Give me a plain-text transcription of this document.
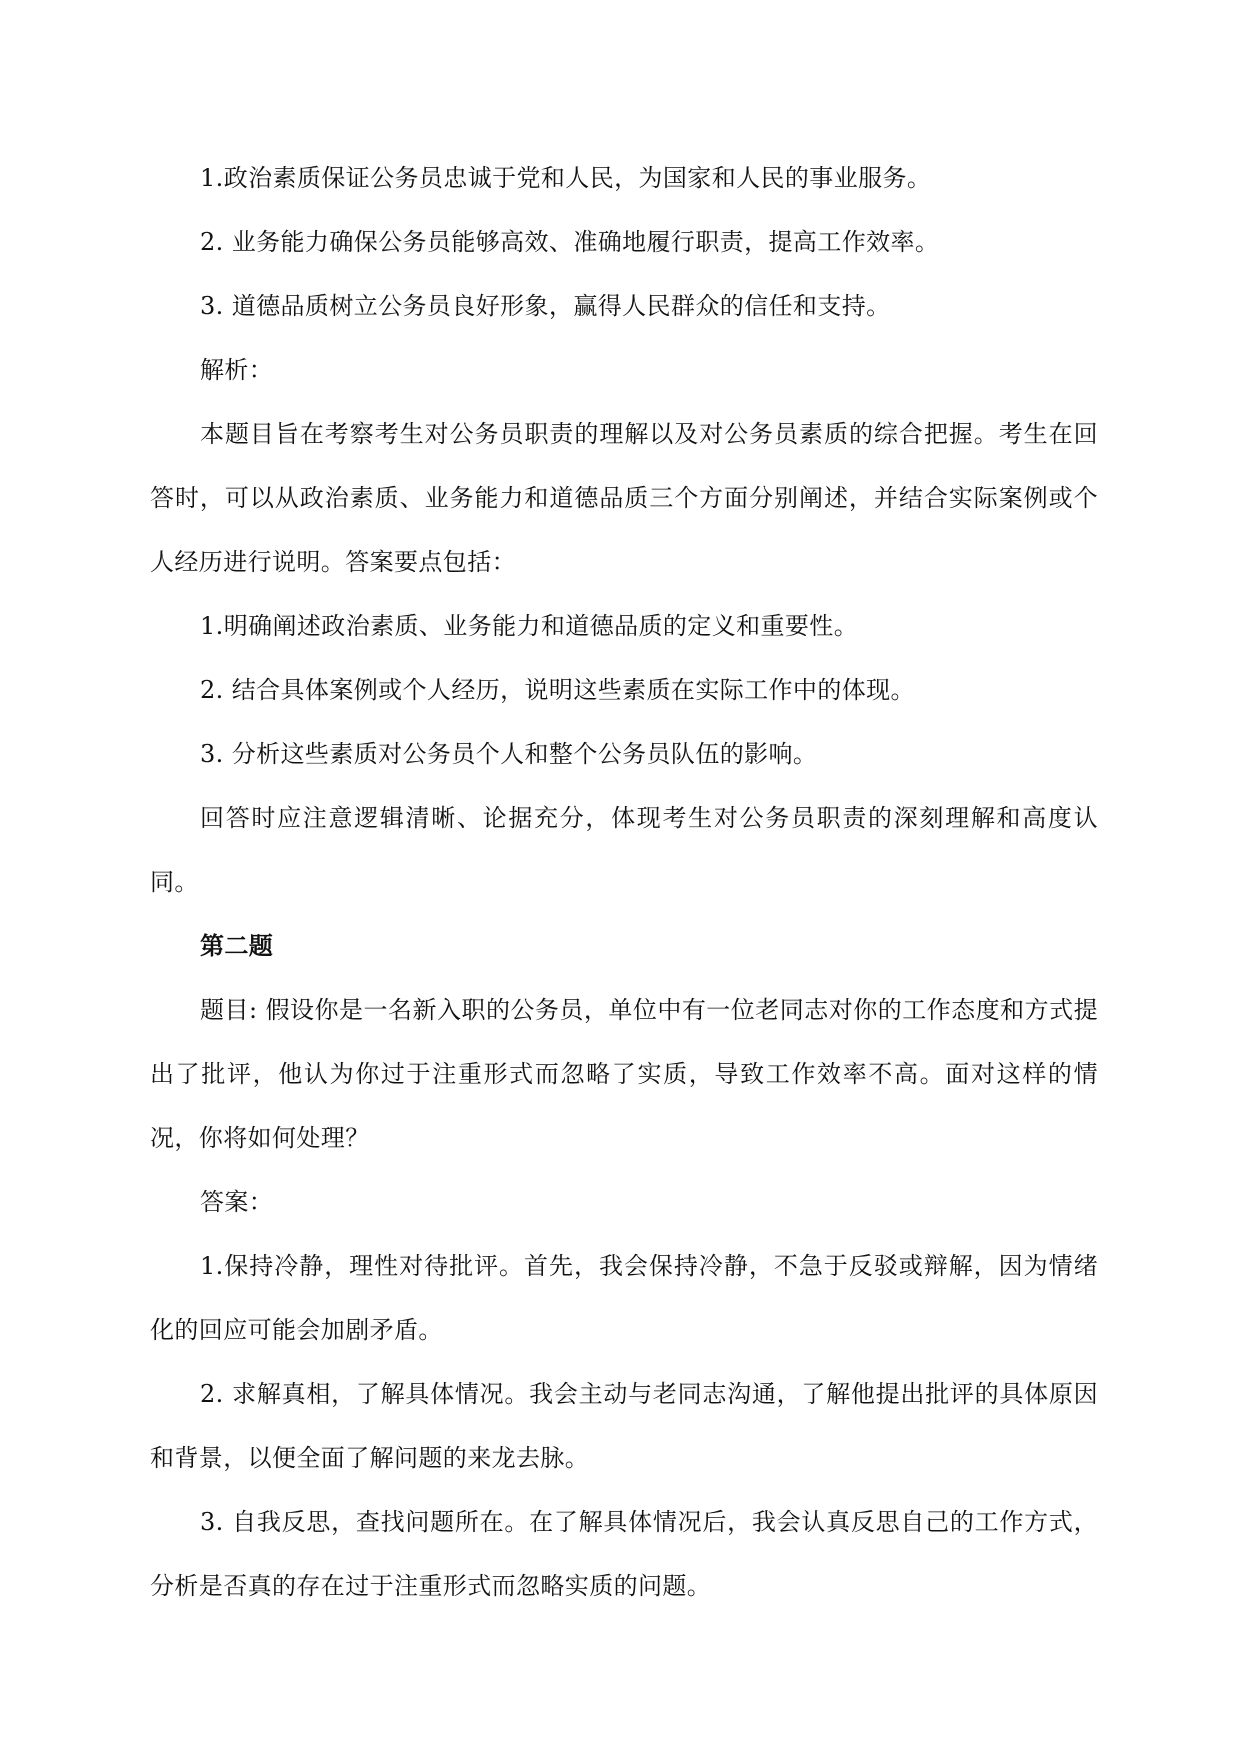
1.政治素质保证公务员忠诚于党和人民，为国家和人民的事业服务。

2. 业务能力确保公务员能够高效、准确地履行职责，提高工作效率。

3. 道德品质树立公务员良好形象，赢得人民群众的信任和支持。

解析：

本题目旨在考察考生对公务员职责的理解以及对公务员素质的综合把握。考生在回答时，可以从政治素质、业务能力和道德品质三个方面分别阐述，并结合实际案例或个人经历进行说明。答案要点包括：

1.明确阐述政治素质、业务能力和道德品质的定义和重要性。

2. 结合具体案例或个人经历，说明这些素质在实际工作中的体现。

3. 分析这些素质对公务员个人和整个公务员队伍的影响。

回答时应注意逻辑清晰、论据充分，体现考生对公务员职责的深刻理解和高度认同。

第二题

题目: 假设你是一名新入职的公务员，单位中有一位老同志对你的工作态度和方式提出了批评，他认为你过于注重形式而忽略了实质，导致工作效率不高。面对这样的情况，你将如何处理？

答案：

1.保持冷静，理性对待批评。首先，我会保持冷静，不急于反驳或辩解，因为情绪化的回应可能会加剧矛盾。

2. 求解真相，了解具体情况。我会主动与老同志沟通，了解他提出批评的具体原因和背景，以便全面了解问题的来龙去脉。

3. 自我反思，查找问题所在。在了解具体情况后，我会认真反思自己的工作方式，分析是否真的存在过于注重形式而忽略实质的问题。
